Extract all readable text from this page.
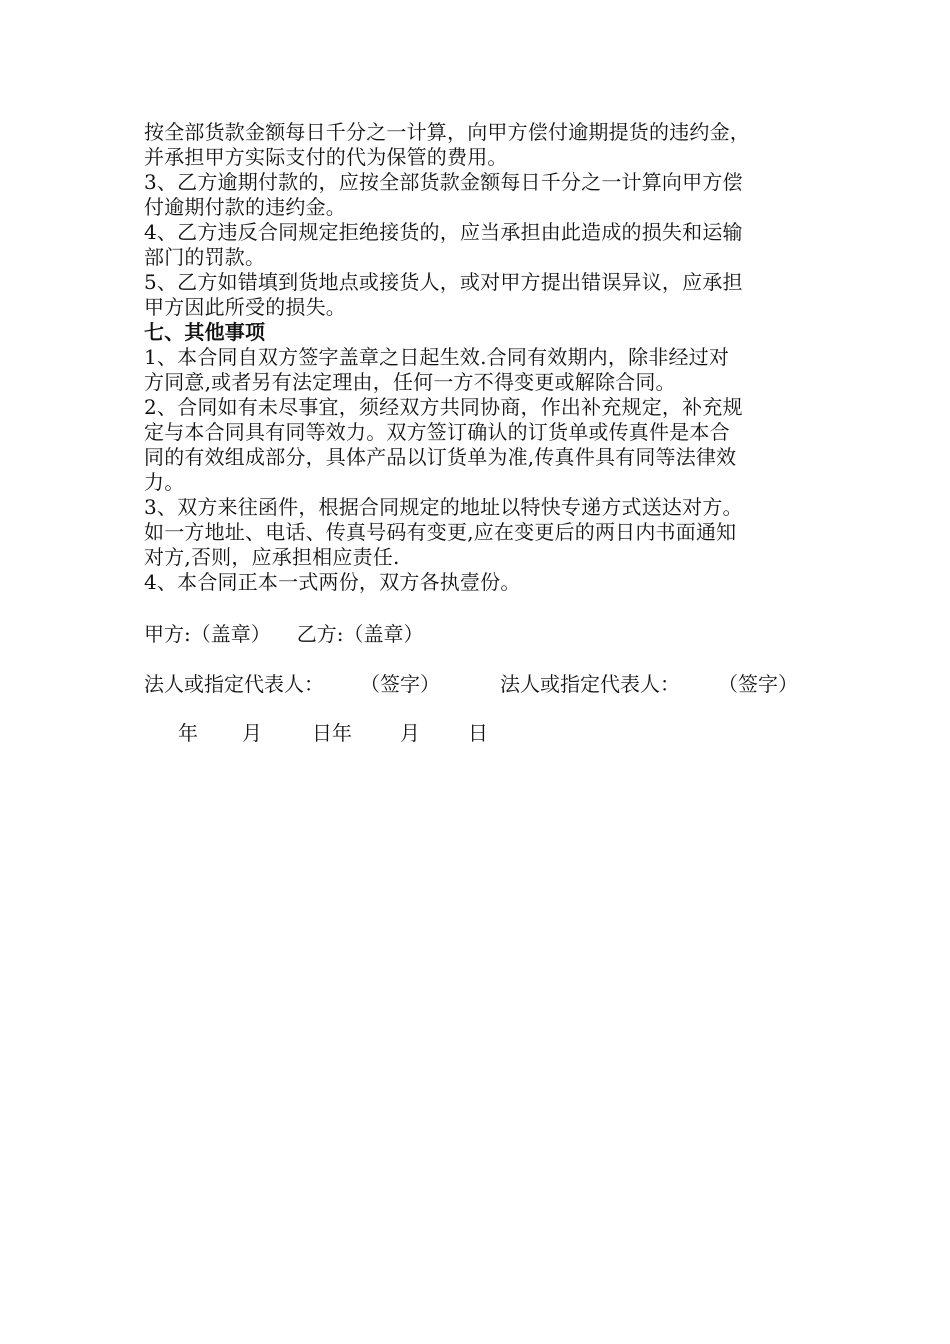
按全部货款金额每日千分之一计算，向甲方偿付逾期提货的违约金，
并承担甲方实际支付的代为保管的费用。
3、乙方逾期付款的，应按全部货款金额每日千分之一计算向甲方偿
付逾期付款的违约金。
4、乙方违反合同规定拒绝接货的，应当承担由此造成的损失和运输
部门的罚款。
5、乙方如错填到货地点或接货人，或对甲方提出错误异议，应承担
甲方因此所受的损失。
七、其他事项
1、本合同自双方签字盖章之日起生效.合同有效期内，除非经过对
方同意,或者另有法定理由，任何一方不得变更或解除合同。
2、合同如有未尽事宜，须经双方共同协商，作出补充规定，补充规
定与本合同具有同等效力。双方签订确认的订货单或传真件是本合
同的有效组成部分，具体产品以订货单为准,传真件具有同等法律效
力。
3、双方来往函件，根据合同规定的地址以特快专递方式送达对方。
如一方地址、电话、传真号码有变更,应在变更后的两日内书面通知
对方,否则，应承担相应责任.
4、本合同正本一式两份，双方各执壹份。
甲方:（盖章） 乙方:（盖章）
法人或指定代表人： （签字）	法人或指定代表人： （签字）
年 月	日年 月 日
